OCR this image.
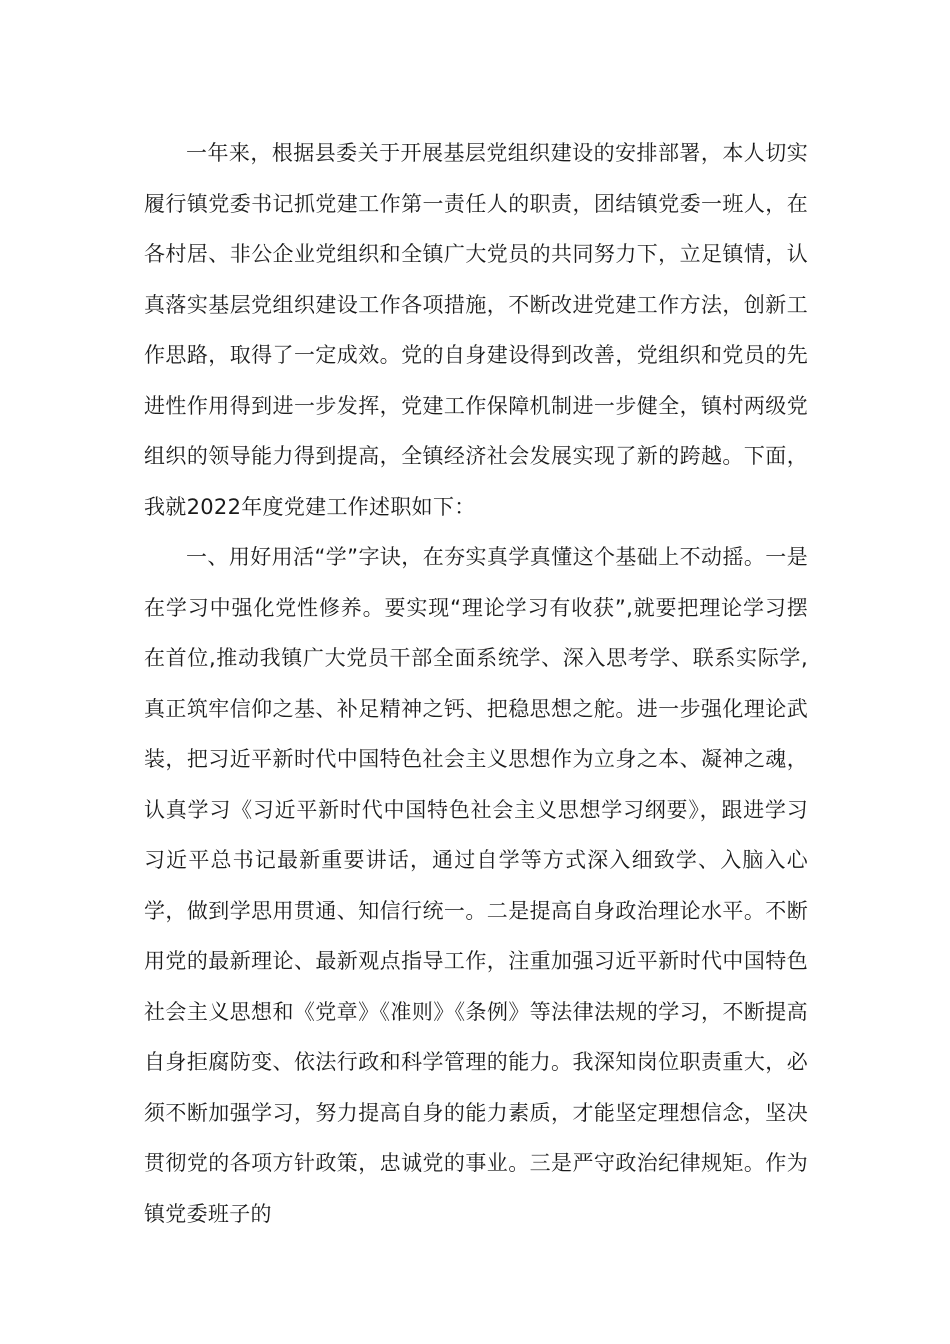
一年来，根据县委关于开展基层党组织建设的安排部署，本人切实履行镇党委书记抓党建工作第一责任人的职责，团结镇党委一班人，在各村居、非公企业党组织和全镇广大党员的共同努力下，立足镇情，认真落实基层党组织建设工作各项措施，不断改进党建工作方法，创新工作思路，取得了一定成效。党的自身建设得到改善，党组织和党员的先进性作用得到进一步发挥，党建工作保障机制进一步健全，镇村两级党组织的领导能力得到提高，全镇经济社会发展实现了新的跨越。下面，我就2022年度党建工作述职如下：

一、用好用活“学”字诀，在夯实真学真懂这个基础上不动摇。一是在学习中强化党性修养。要实现“理论学习有收获”,就要把理论学习摆在首位,推动我镇广大党员干部全面系统学、深入思考学、联系实际学,真正筑牢信仰之基、补足精神之钙、把稳思想之舵。进一步强化理论武装，把习近平新时代中国特色社会主义思想作为立身之本、凝神之魂，认真学习《习近平新时代中国特色社会主义思想学习纲要》，跟进学习习近平总书记最新重要讲话，通过自学等方式深入细致学、入脑入心学，做到学思用贯通、知信行统一。二是提高自身政治理论水平。不断用党的最新理论、最新观点指导工作，注重加强习近平新时代中国特色社会主义思想和《党章》《准则》《条例》等法律法规的学习，不断提高自身拒腐防变、依法行政和科学管理的能力。我深知岗位职责重大，必须不断加强学习，努力提高自身的能力素质，才能坚定理想信念，坚决贯彻党的各项方针政策，忠诚党的事业。三是严守政治纪律规矩。作为镇党委班子的
